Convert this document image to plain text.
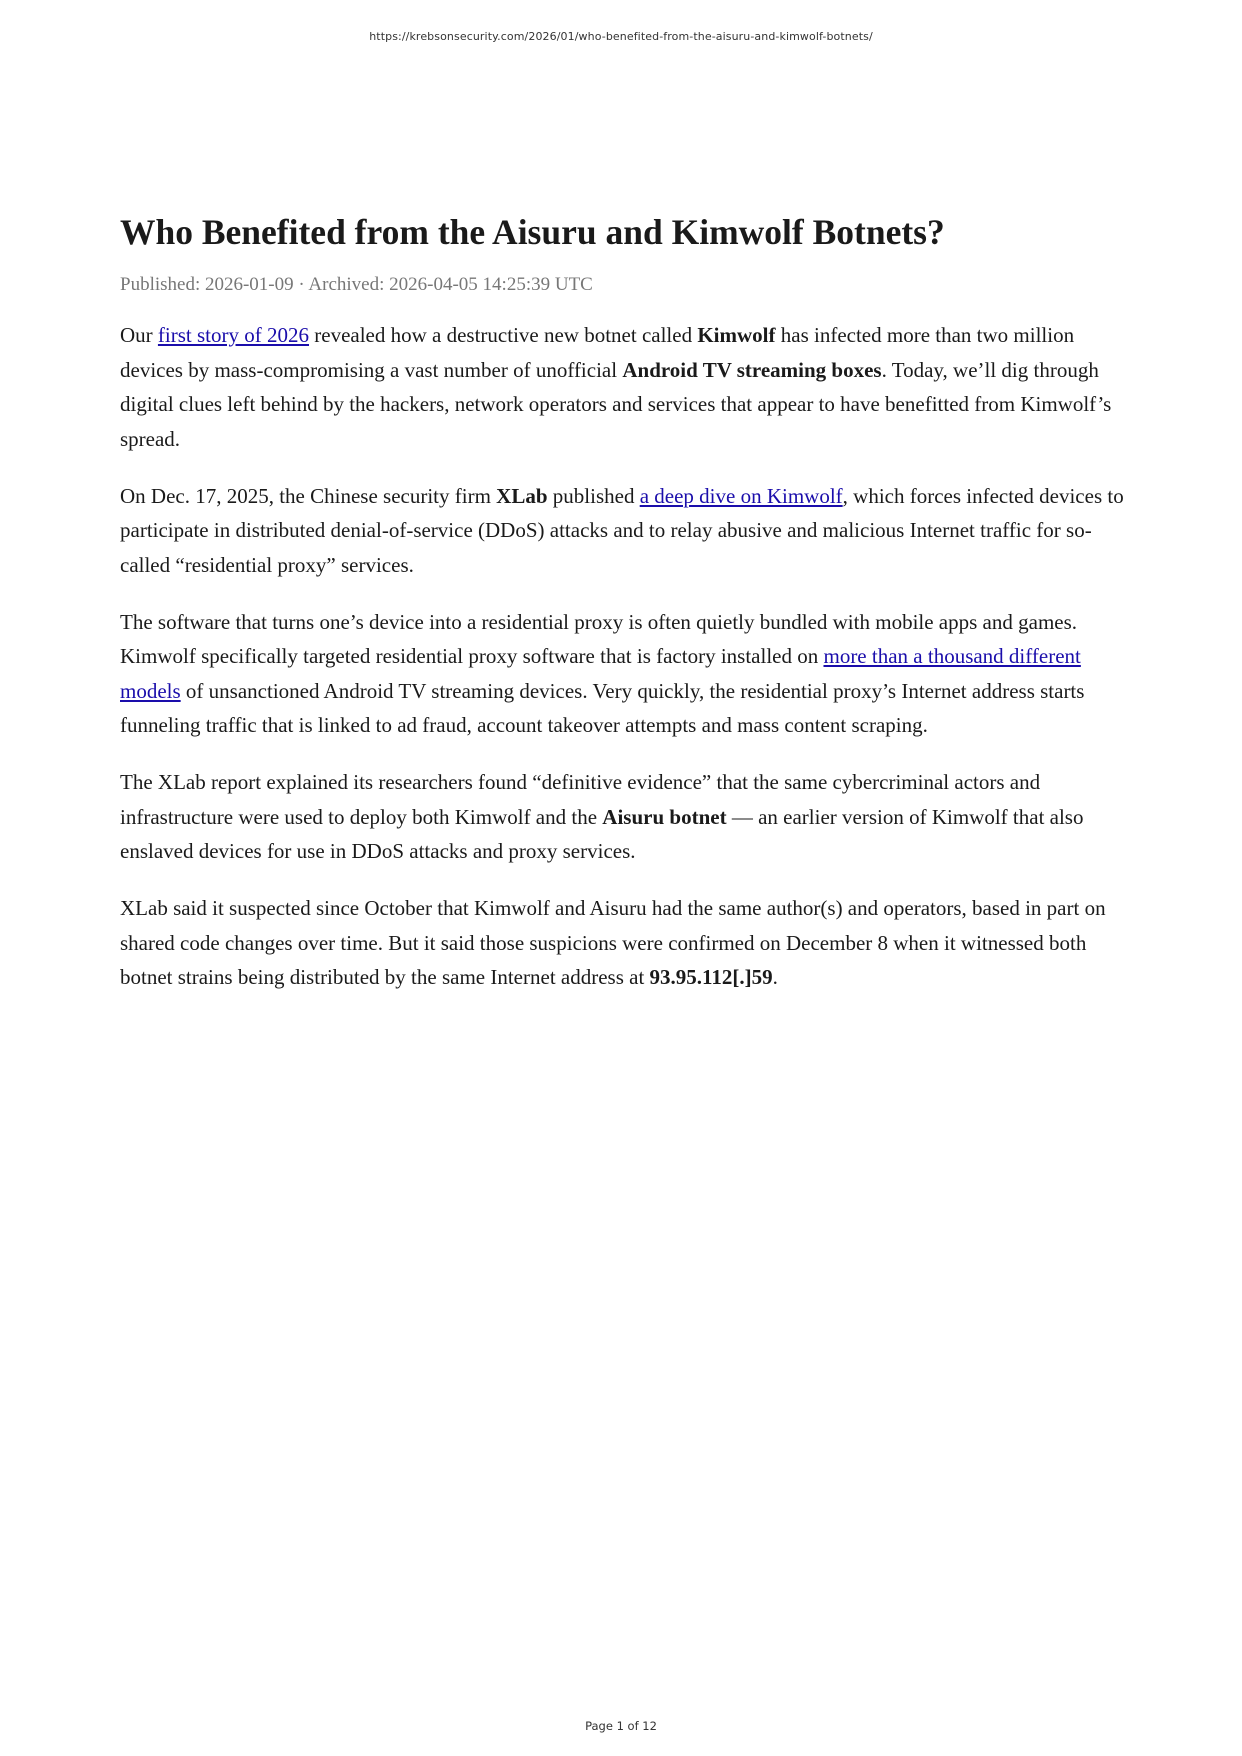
https://krebsonsecurity.com/2026/01/who-benefited-from-the-aisuru-and-kimwolf-botnets/
Who Benefited from the Aisuru and Kimwolf Botnets?
Published: 2026-01-09 · Archived: 2026-04-05 14:25:39 UTC

Our first story of 2026 revealed how a destructive new botnet called Kimwolf has infected more than two million devices by mass-compromising a vast number of unofficial Android TV streaming boxes. Today, we’ll dig through digital clues left behind by the hackers, network operators and services that appear to have benefitted from Kimwolf’s spread.

On Dec. 17, 2025, the Chinese security firm XLab published a deep dive on Kimwolf, which forces infected devices to participate in distributed denial-of-service (DDoS) attacks and to relay abusive and malicious Internet traffic for so-called “residential proxy” services.

The software that turns one’s device into a residential proxy is often quietly bundled with mobile apps and games. Kimwolf specifically targeted residential proxy software that is factory installed on more than a thousand different models of unsanctioned Android TV streaming devices. Very quickly, the residential proxy’s Internet address starts funneling traffic that is linked to ad fraud, account takeover attempts and mass content scraping.

The XLab report explained its researchers found “definitive evidence” that the same cybercriminal actors and infrastructure were used to deploy both Kimwolf and the Aisuru botnet — an earlier version of Kimwolf that also enslaved devices for use in DDoS attacks and proxy services.

XLab said it suspected since October that Kimwolf and Aisuru had the same author(s) and operators, based in part on shared code changes over time. But it said those suspicions were confirmed on December 8 when it witnessed both botnet strains being distributed by the same Internet address at 93.95.112[.]59.

Page 1 of 12
